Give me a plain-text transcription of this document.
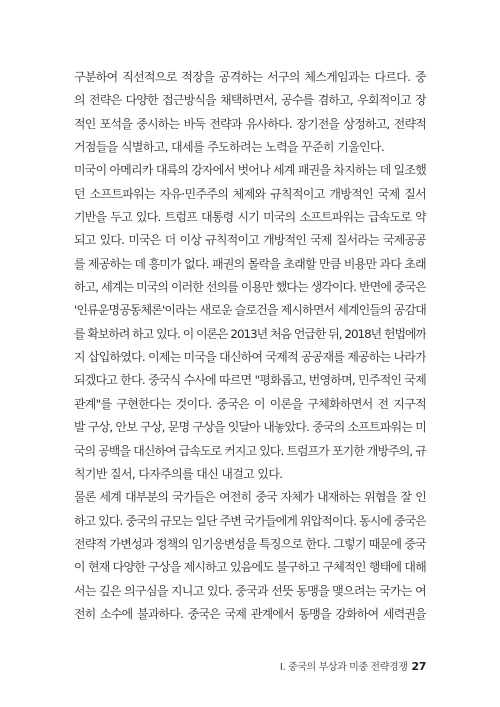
구분하여 직선적으로 적장을 공격하는 서구의 체스게임과는 다르다. 중
의 전략은 다양한 접근방식을 채택하면서, 공수를 겸하고, 우회적이고 장
적인 포석을 중시하는 바둑 전략과 유사하다. 장기전을 상정하고, 전략적
거점들을 식별하고, 대세를 주도하려는 노력을 꾸준히 기울인다.
미국이 아메리카 대륙의 강자에서 벗어나 세계 패권을 차지하는 데 일조했
던 소프트파워는 자유·민주주의 체제와 규칙적이고 개방적인 국제 질서
기반을 두고 있다. 트럼프 대통령 시기 미국의 소프트파워는 급속도로 약
되고 있다. 미국은 더 이상 규칙적이고 개방적인 국제 질서라는 국제공공
를 제공하는 데 흥미가 없다. 패권의 몰락을 초래할 만큼 비용만 과다 초래
하고, 세계는 미국의 이러한 선의를 이용만 했다는 생각이다. 반면에 중국은
'인류운명공동체론'이라는 새로운 슬로건을 제시하면서 세계인들의 공감대
를 확보하려 하고 있다. 이 이론은 2013년 처음 언급한 뒤, 2018년 헌법에까
지 삽입하였다. 이제는 미국을 대신하여 국제적 공공재를 제공하는 나라가
되겠다고 한다. 중국식 수사에 따르면 "평화롭고, 번영하며, 민주적인 국제
관계"를 구현한다는 것이다. 중국은 이 이론을 구체화하면서 전 지구적
발 구상, 안보 구상, 문명 구상을 잇달아 내놓았다. 중국의 소프트파워는 미
국의 공백을 대신하여 급속도로 커지고 있다. 트럼프가 포기한 개방주의, 규
칙기반 질서, 다자주의를 대신 내걸고 있다.
물론 세계 대부분의 국가들은 여전히 중국 자체가 내재하는 위협을 잘 인
하고 있다. 중국의 규모는 일단 주변 국가들에게 위압적이다. 동시에 중국은
전략적 가변성과 정책의 임기응변성을 특징으로 한다. 그렇기 때문에 중국
이 현재 다양한 구상을 제시하고 있음에도 불구하고 구체적인 행태에 대해
서는 깊은 의구심을 지니고 있다. 중국과 선뜻 동맹을 맺으려는 국가는 여
전히 소수에 불과하다. 중국은 국제 관계에서 동맹을 강화하여 세력권을
I. 중국의 부상과 미중 전략경쟁 27
